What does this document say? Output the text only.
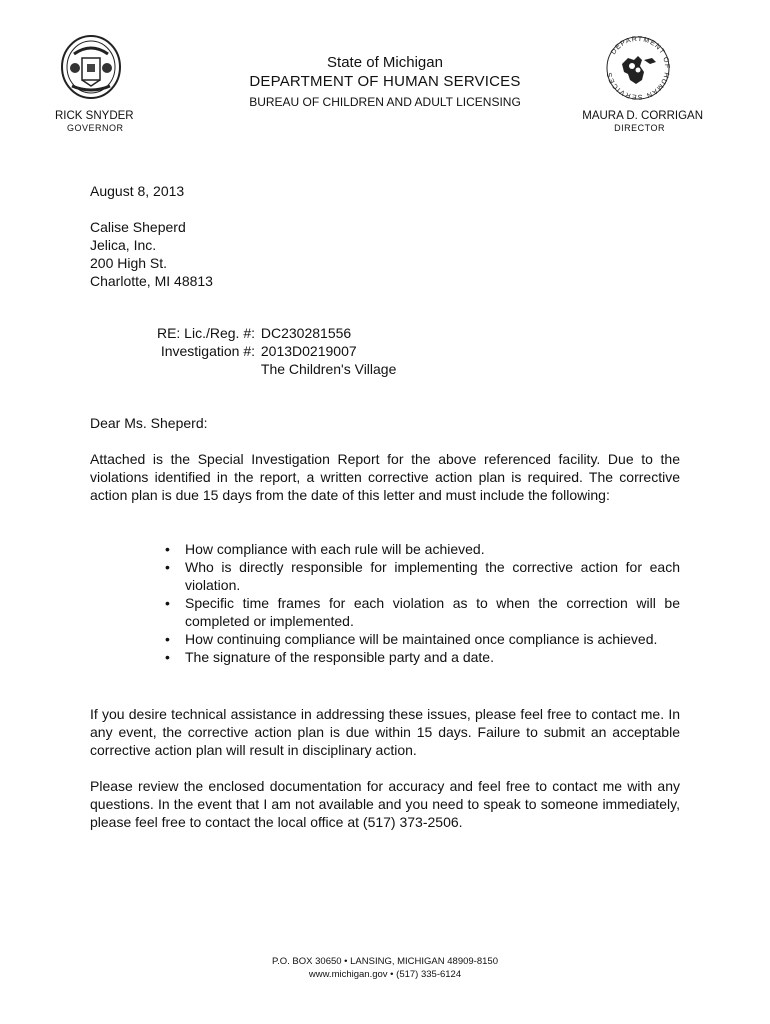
DEPARTMENT OF HUMAN SERVICES
State of Michigan
DEPARTMENT OF HUMAN SERVICES
BUREAU OF CHILDREN AND ADULT LICENSING
RICK SNYDER
GOVERNOR
MAURA D. CORRIGAN
DIRECTOR
August 8, 2013
Calise Sheperd
Jelica, Inc.
200 High St.
Charlotte, MI 48813
RE: Lic./Reg. #: DC230281556
Investigation #: 2013D0219007
The Children's Village
Dear Ms. Sheperd:
Attached is the Special Investigation Report for the above referenced facility. Due to the violations identified in the report, a written corrective action plan is required. The corrective action plan is due 15 days from the date of this letter and must include the following:
• How compliance with each rule will be achieved.
• Who is directly responsible for implementing the corrective action for each violation.
• Specific time frames for each violation as to when the correction will be completed or implemented.
• How continuing compliance will be maintained once compliance is achieved.
• The signature of the responsible party and a date.
If you desire technical assistance in addressing these issues, please feel free to contact me. In any event, the corrective action plan is due within 15 days. Failure to submit an acceptable corrective action plan will result in disciplinary action.
Please review the enclosed documentation for accuracy and feel free to contact me with any questions. In the event that I am not available and you need to speak to someone immediately, please feel free to contact the local office at (517) 373-2506.
P.O. BOX 30650 • LANSING, MICHIGAN 48909-8150
www.michigan.gov • (517) 335-6124
